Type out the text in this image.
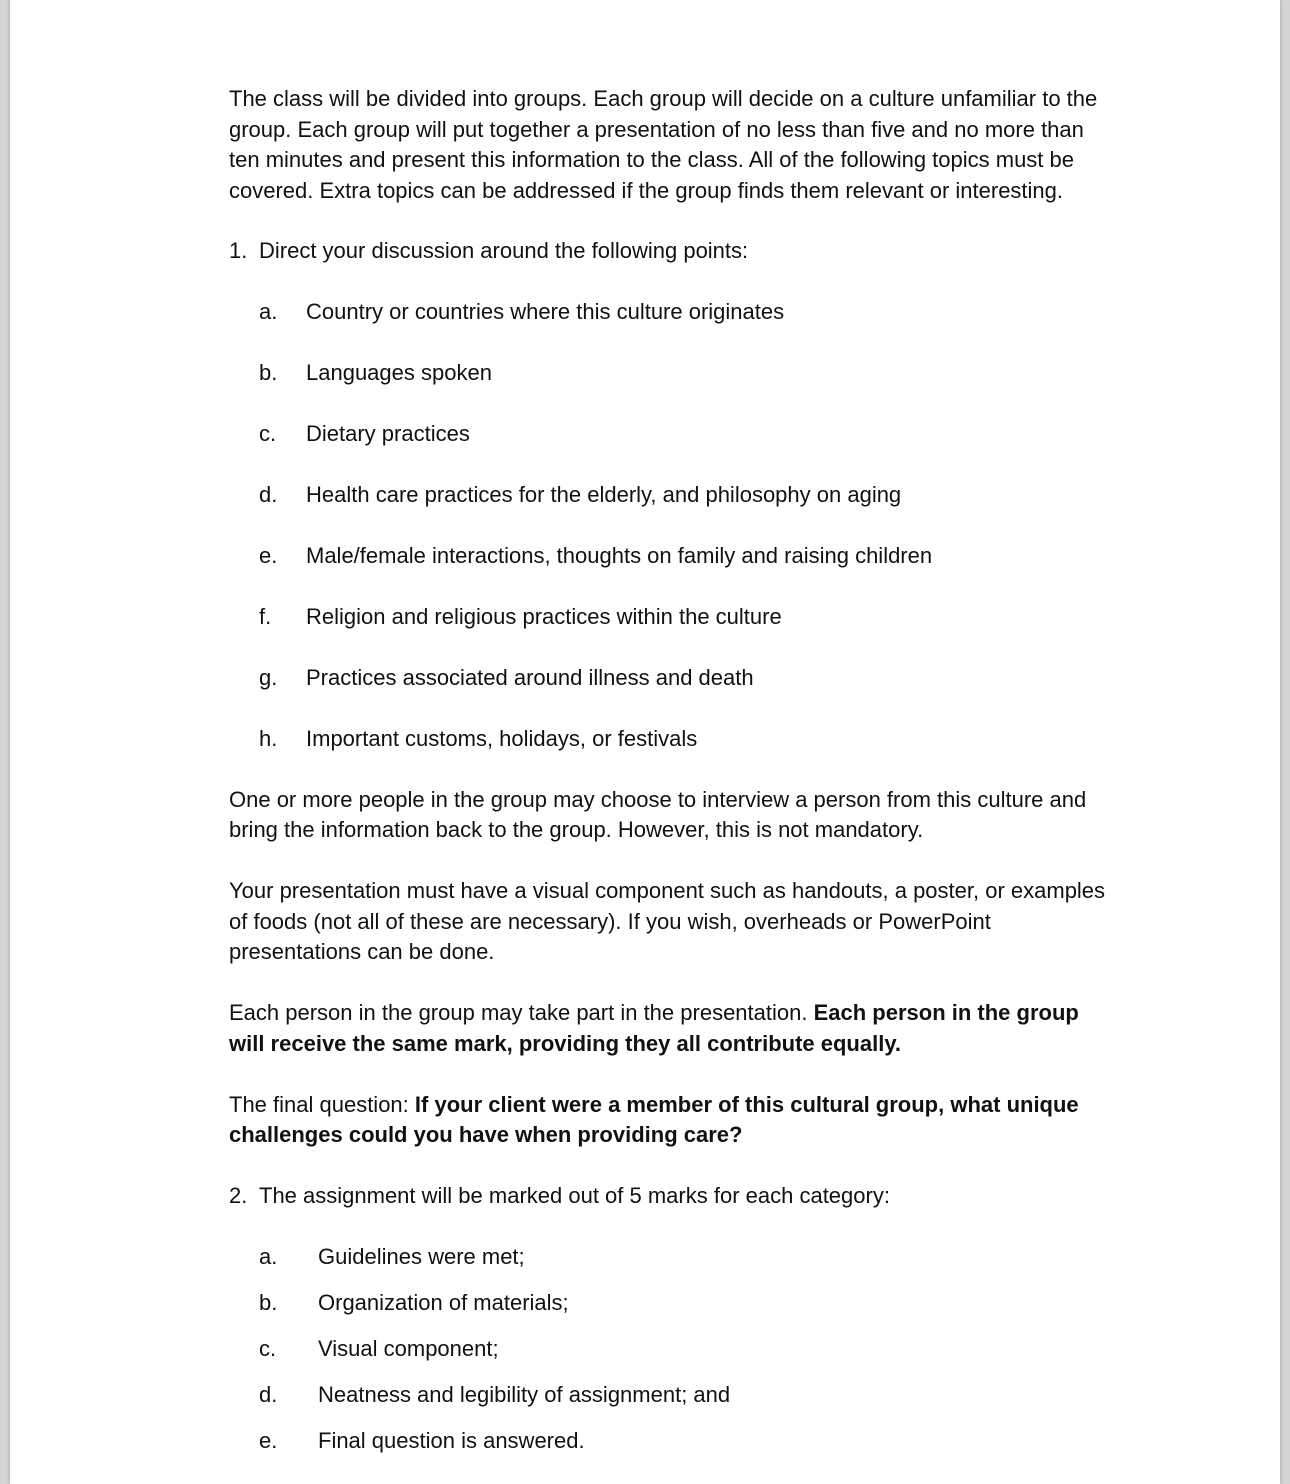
The class will be divided into groups. Each group will decide on a culture unfamiliar to the group. Each group will put together a presentation of no less than five and no more than ten minutes and present this information to the class. All of the following topics must be covered. Extra topics can be addressed if the group finds them relevant or interesting.

1. Direct your discussion around the following points:
a.	Country or countries where this culture originates
b.	Languages spoken
c.	Dietary practices
d.	Health care practices for the elderly, and philosophy on aging
e.	Male/female interactions, thoughts on family and raising children
f.	Religion and religious practices within the culture
g.	Practices associated around illness and death
h.	Important customs, holidays, or festivals

One or more people in the group may choose to interview a person from this culture and bring the information back to the group. However, this is not mandatory.

Your presentation must have a visual component such as handouts, a poster, or examples of foods (not all of these are necessary). If you wish, overheads or PowerPoint presentations can be done.

Each person in the group may take part in the presentation. Each person in the group will receive the same mark, providing they all contribute equally.

The final question: If your client were a member of this cultural group, what unique challenges could you have when providing care?

2. The assignment will be marked out of 5 marks for each category:
a.	Guidelines were met;
b.	Organization of materials;
c.	Visual component;
d.	Neatness and legibility of assignment; and
e.	Final question is answered.
